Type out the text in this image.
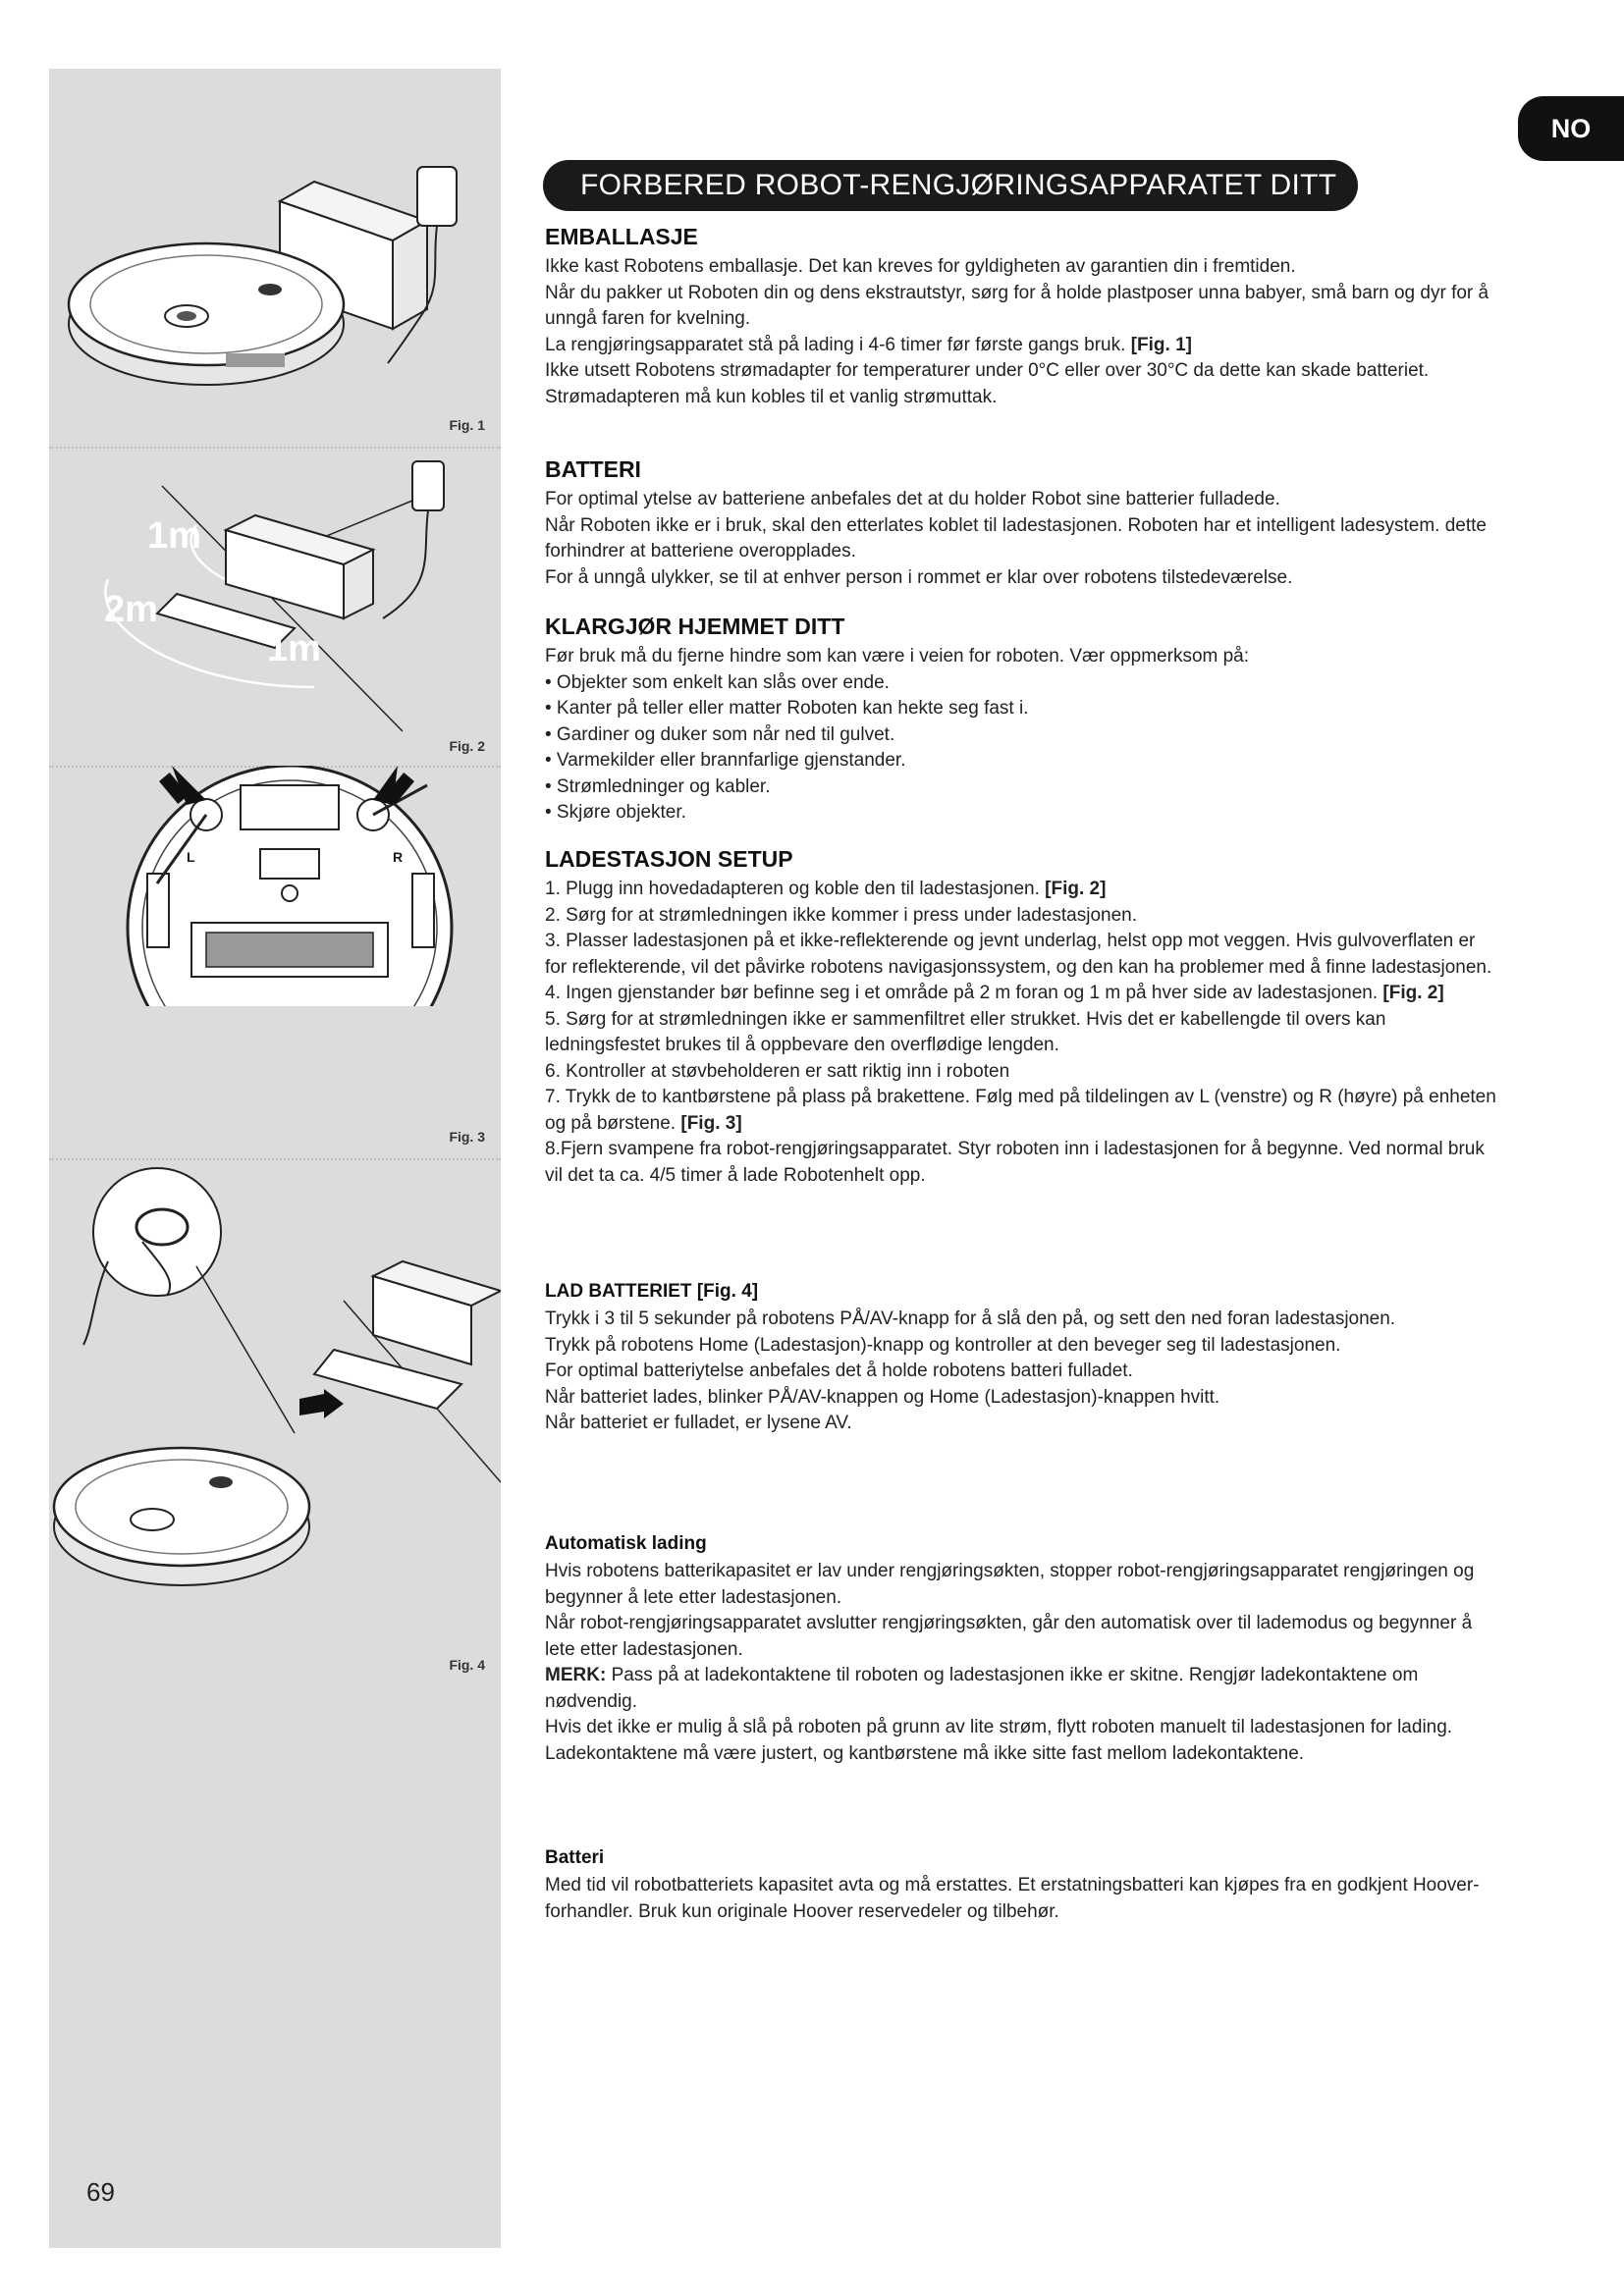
NO
Fig. 1
1m
2m
1m
Fig. 2
L	R
Fig. 3
Fig. 4
69
FORBERED ROBOT-RENGJØRINGSAPPARATET DITT
EMBALLASJE

Ikke kast Robotens emballasje. Det kan kreves for gyldigheten av garantien din i fremtiden.

Når du pakker ut Roboten din og dens ekstrautstyr, sørg for å holde plastposer unna babyer, små barn og dyr for å unngå faren for kvelning.

La rengjøringsapparatet stå på lading i 4-6 timer før første gangs bruk. [Fig. 1]

Ikke utsett Robotens strømadapter for temperaturer under 0°C eller over 30°C da dette kan skade batteriet.

Strømadapteren må kun kobles til et vanlig strømuttak.

BATTERI

For optimal ytelse av batteriene anbefales det at du holder Robot sine batterier fulladede.

Når Roboten ikke er i bruk, skal den etterlates koblet til ladestasjonen. Roboten har et intelligent ladesystem. dette forhindrer at batteriene overopplades.

For å unngå ulykker, se til at enhver person i rommet er klar over robotens tilstedeværelse.

KLARGJØR HJEMMET DITT

Før bruk må du fjerne hindre som kan være i veien for roboten. Vær oppmerksom på:

• Objekter som enkelt kan slås over ende.

• Kanter på teller eller matter Roboten kan hekte seg fast i.

• Gardiner og duker som når ned til gulvet.

• Varmekilder eller brannfarlige gjenstander.

• Strømledninger og kabler.

• Skjøre objekter.

LADESTASJON SETUP

1. Plugg inn hovedadapteren og koble den til ladestasjonen. [Fig. 2]

2. Sørg for at strømledningen ikke kommer i press under ladestasjonen.

3. Plasser ladestasjonen på et ikke-reflekterende og jevnt underlag, helst opp mot veggen. Hvis gulvoverflaten er for reflekterende, vil det påvirke robotens navigasjonssystem, og den kan ha problemer med å finne ladestasjonen.

4. Ingen gjenstander bør befinne seg i et område på 2 m foran og 1 m på hver side av ladestasjonen. [Fig. 2]

5. Sørg for at strømledningen ikke er sammenfiltret eller strukket. Hvis det er kabellengde til overs kan ledningsfestet brukes til å oppbevare den overflødige lengden.

6. Kontroller at støvbeholderen er satt riktig inn i roboten

7. Trykk de to kantbørstene på plass på brakettene. Følg med på tildelingen av L (venstre) og R (høyre) på enheten og på børstene. [Fig. 3]

8.Fjern svampene fra robot-rengjøringsapparatet. Styr roboten inn i ladestasjonen for å begynne. Ved normal bruk vil det ta ca. 4/5 timer å lade Robotenhelt opp.

LAD BATTERIET [Fig. 4]

Trykk i 3 til 5 sekunder på robotens PÅ/AV-knapp for å slå den på, og sett den ned foran ladestasjonen.

Trykk på robotens Home (Ladestasjon)-knapp og kontroller at den beveger seg til ladestasjonen.

For optimal batteriytelse anbefales det å holde robotens batteri fulladet.

Når batteriet lades, blinker PÅ/AV-knappen og Home (Ladestasjon)-knappen hvitt.

Når batteriet er fulladet, er lysene AV.

Automatisk lading

Hvis robotens batterikapasitet er lav under rengjøringsøkten, stopper robot-rengjøringsapparatet rengjøringen og begynner å lete etter ladestasjonen.

Når robot-rengjøringsapparatet avslutter rengjøringsøkten, går den automatisk over til lademodus og begynner å lete etter ladestasjonen.

MERK: Pass på at ladekontaktene til roboten og ladestasjonen ikke er skitne. Rengjør ladekontaktene om nødvendig.

Hvis det ikke er mulig å slå på roboten på grunn av lite strøm, flytt roboten manuelt til ladestasjonen for lading. Ladekontaktene må være justert, og kantbørstene må ikke sitte fast mellom ladekontaktene.

Batteri

Med tid vil robotbatteriets kapasitet avta og må erstattes. Et erstatningsbatteri kan kjøpes fra en godkjent Hoover-forhandler. Bruk kun originale Hoover reservedeler og tilbehør.
